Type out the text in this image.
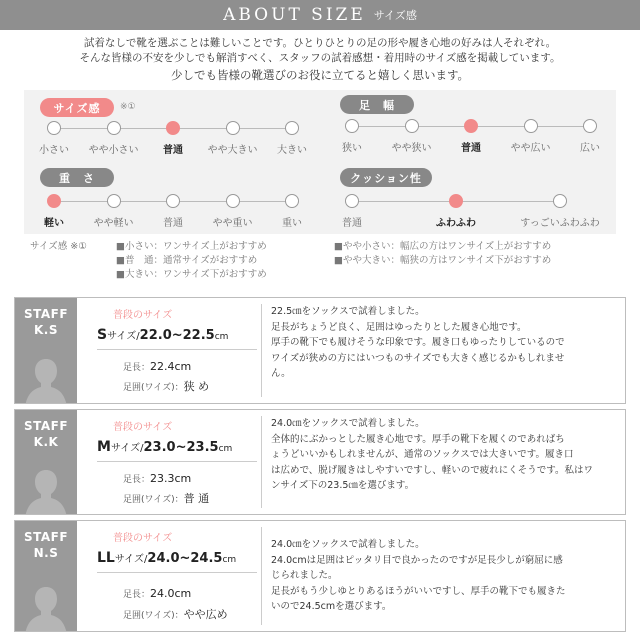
ABOUT SIZE サイズ感
試着なしで靴を選ぶことは難しいことです。ひとりひとりの足の形や履き心地の好みは人それぞれ。
そんな皆様の不安を少しでも解消すべく、スタッフの試着感想・着用時のサイズ感を掲載しています。
少しでも皆様の靴選びのお役に立てると嬉しく思います。
サイズ感	※①
小さい	やや小さい	普通	やや大きい	大きい
足　幅
狭い	やや狭い	普通	やや広い	広い
重　さ
軽い	やや軽い	普通	やや重い	重い
クッション性
普通	ふわふわ	すっごいふわふわ
サイズ感 ※①	■小さい：ワンサイズ上がおすすめ
■普　通：通常サイズがおすすめ
■大きい：ワンサイズ下がおすすめ
■やや小さい：幅広の方はワンサイズ上がおすすめ
■やや大きい：幅狭の方はワンサイズ下がおすすめ
STAFF
K.S
普段のサイズ
Sサイズ/22.0~22.5cm
足長：22.4cm
足囲(ワイズ)：狭 め
22.5㎝をソックスで試着しました。
足長がちょうど良く、足囲はゆったりとした履き心地です。
厚手の靴下でも履けそうな印象です。履き口もゆったりしているので
ワイズが狭めの方にはいつものサイズでも大きく感じるかもしれませ
ん。
STAFF
K.K
普段のサイズ
Mサイズ/23.0~23.5cm
足長：23.3cm
足囲(ワイズ)：普 通
24.0㎝をソックスで試着しました。
全体的にぶかっとした履き心地です。厚手の靴下を履くのであればち
ょうどいいかもしれませんが、通常のソックスでは大きいです。履き口
は広めで、脱げ履きはしやすいですし、軽いので疲れにくそうです。私はワ
ンサイズ下の23.5㎝を選びます。
STAFF
N.S
普段のサイズ
LLサイズ/24.0~24.5cm
足長：24.0cm
足囲(ワイズ)：やや広め
24.0㎝をソックスで試着しました。
24.0cmは足囲はピッタリ目で良かったのですが足長少しが窮屈に感
じられました。
足長がもう少しゆとりあるほうがいいですし、厚手の靴下でも履きた
いので24.5cmを選びます。
